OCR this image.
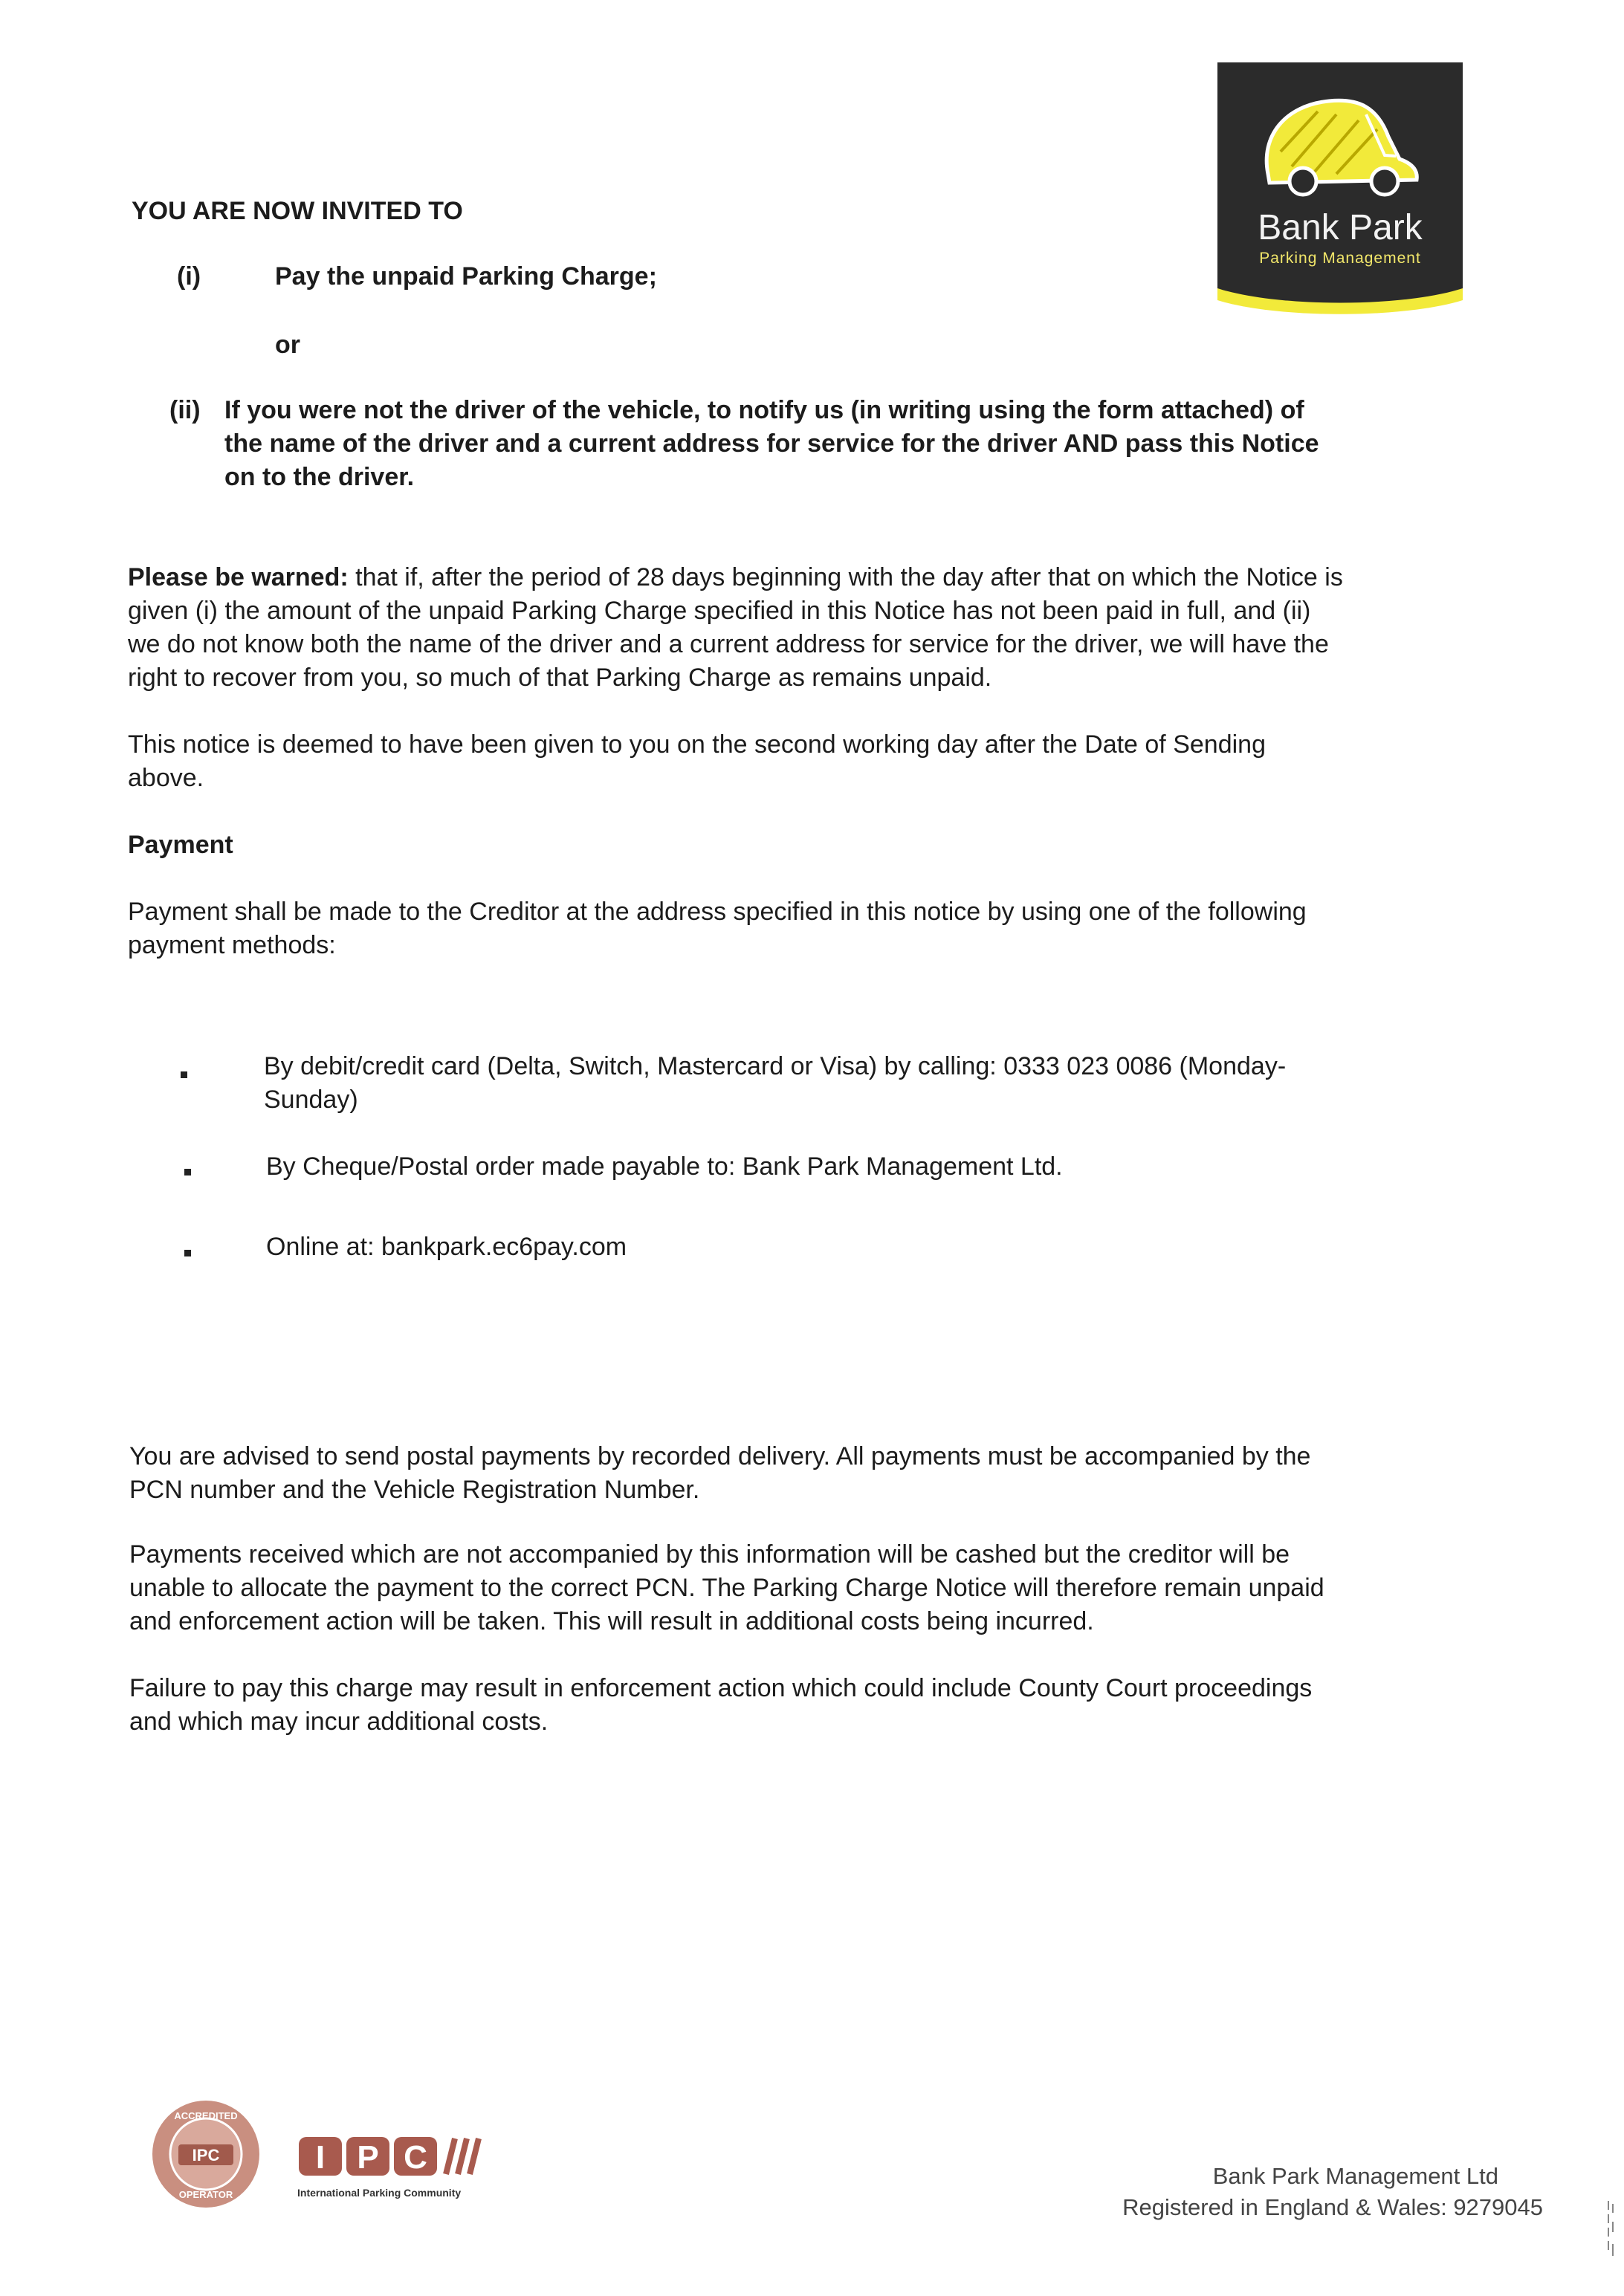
Bank Park
Parking Management
YOU ARE NOW INVITED TO
(i)	Pay the unpaid Parking Charge;
or
(ii) If you were not the driver of the vehicle, to notify us (in writing using the form attached) of
the name of the driver and a current address for service for the driver AND pass this Notice
on to the driver.
Please be warned: that if, after the period of 28 days beginning with the day after that on which the Notice is
given (i) the amount of the unpaid Parking Charge specified in this Notice has not been paid in full, and (ii)
we do not know both the name of the driver and a current address for service for the driver, we will have the
right to recover from you, so much of that Parking Charge as remains unpaid.
This notice is deemed to have been given to you on the second working day after the Date of Sending
above.
Payment
Payment shall be made to the Creditor at the address specified in this notice by using one of the following
payment methods:
By debit/credit card (Delta, Switch, Mastercard or Visa) by calling: 0333 023 0086 (Monday-
Sunday)
By Cheque/Postal order made payable to: Bank Park Management Ltd.
Online at: bankpark.ec6pay.com
You are advised to send postal payments by recorded delivery. All payments must be accompanied by the
PCN number and the Vehicle Registration Number.
Payments received which are not accompanied by this information will be cashed but the creditor will be
unable to allocate the payment to the correct PCN. The Parking Charge Notice will therefore remain unpaid
and enforcement action will be taken. This will result in additional costs being incurred.
Failure to pay this charge may result in enforcement action which could include County Court proceedings
and which may incur additional costs.
IPC
ACCREDITED
OPERATOR
I P C
International Parking Community
Bank Park Management Ltd
Registered in England & Wales: 9279045
